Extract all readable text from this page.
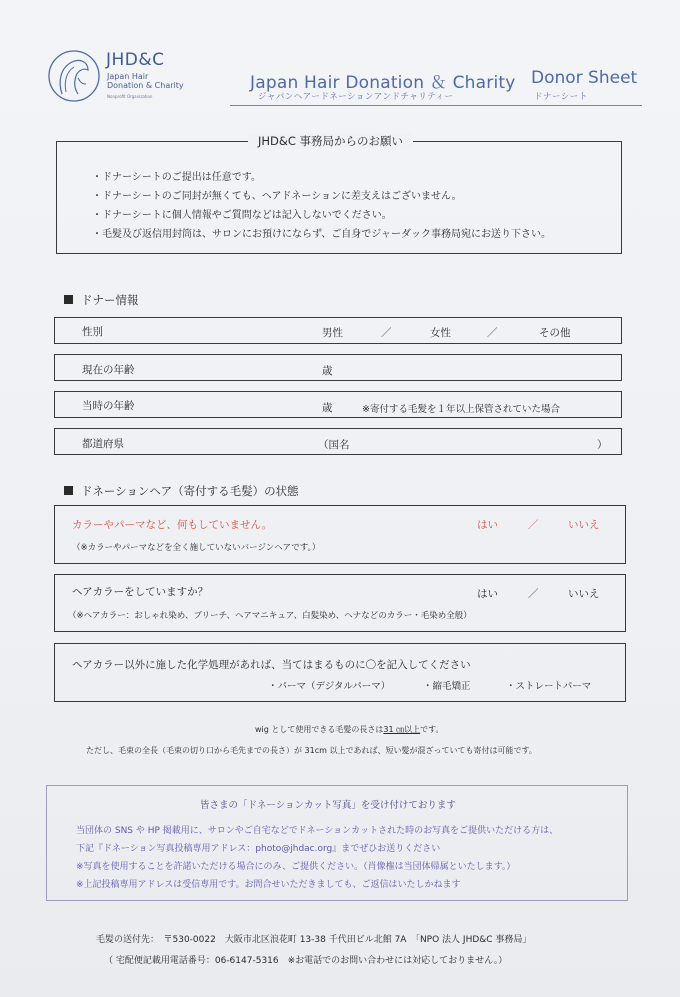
JHD&C
Japan Hair
Donation & Charity
Nonprofit Organization
Japan Hair Donation ＆ Charity
ジャパンヘアードネーションアンドチャリティー
Donor Sheet
ドナーシート
JHD&C 事務局からのお願い
・ドナーシートのご提出は任意です。
・ドナーシートのご同封が無くても、ヘアドネーションに差支えはございません。
・ドナーシートに個人情報やご質問などは記入しないでください。
・毛髪及び返信用封筒は、サロンにお預けにならず、ご自身でジャーダック事務局宛にお送り下さい。
ドナー情報
性別	男性	／	女性	／	その他
現在の年齢	歳
当時の年齢	歳	※寄付する毛髪を１年以上保管されていた場合
都道府県	（国名	）
ドネーションヘア（寄付する毛髪）の状態
カラーやパーマなど、何もしていません。	はい	／	いいえ
（※カラーやパーマなどを全く施していないバージンヘアです。）
ヘアカラーをしていますか？	はい	／	いいえ
（※ヘアカラー：おしゃれ染め、ブリーチ、ヘアマニキュア、白髪染め、ヘナなどのカラー・毛染め全般）
ヘアカラー以外に施した化学処理があれば、当てはまるものに〇を記入してください
・パーマ（デジタルパーマ）	・縮毛矯正	・ストレートパーマ
wig として使用できる毛髪の長さは31 ㎝以上です。
ただし、毛束の全長（毛束の切り口から毛先までの長さ）が 31cm 以上であれば、短い髪が混ざっていても寄付は可能です。
皆さまの「ドネーションカット写真」を受け付けております
当団体の SNS や HP 掲載用に、サロンやご自宅などでドネーションカットされた時のお写真をご提供いただける方は、
下記『ドネーション写真投稿専用アドレス：photo@jhdac.org』までぜひお送りください
※写真を使用することを許諾いただける場合にのみ、ご提供ください。（肖像権は当団体帰属といたします。）
※上記投稿専用アドレスは受信専用です。お問合せいただきましても、ご返信はいたしかねます
毛髪の送付先：　〒530-0022　大阪市北区浪花町 13-38 千代田ビル北館 7A　「NPO 法人 JHD&C 事務局」
（ 宅配便記載用電話番号：06-6147-5316　※お電話でのお問い合わせには対応しておりません。）
